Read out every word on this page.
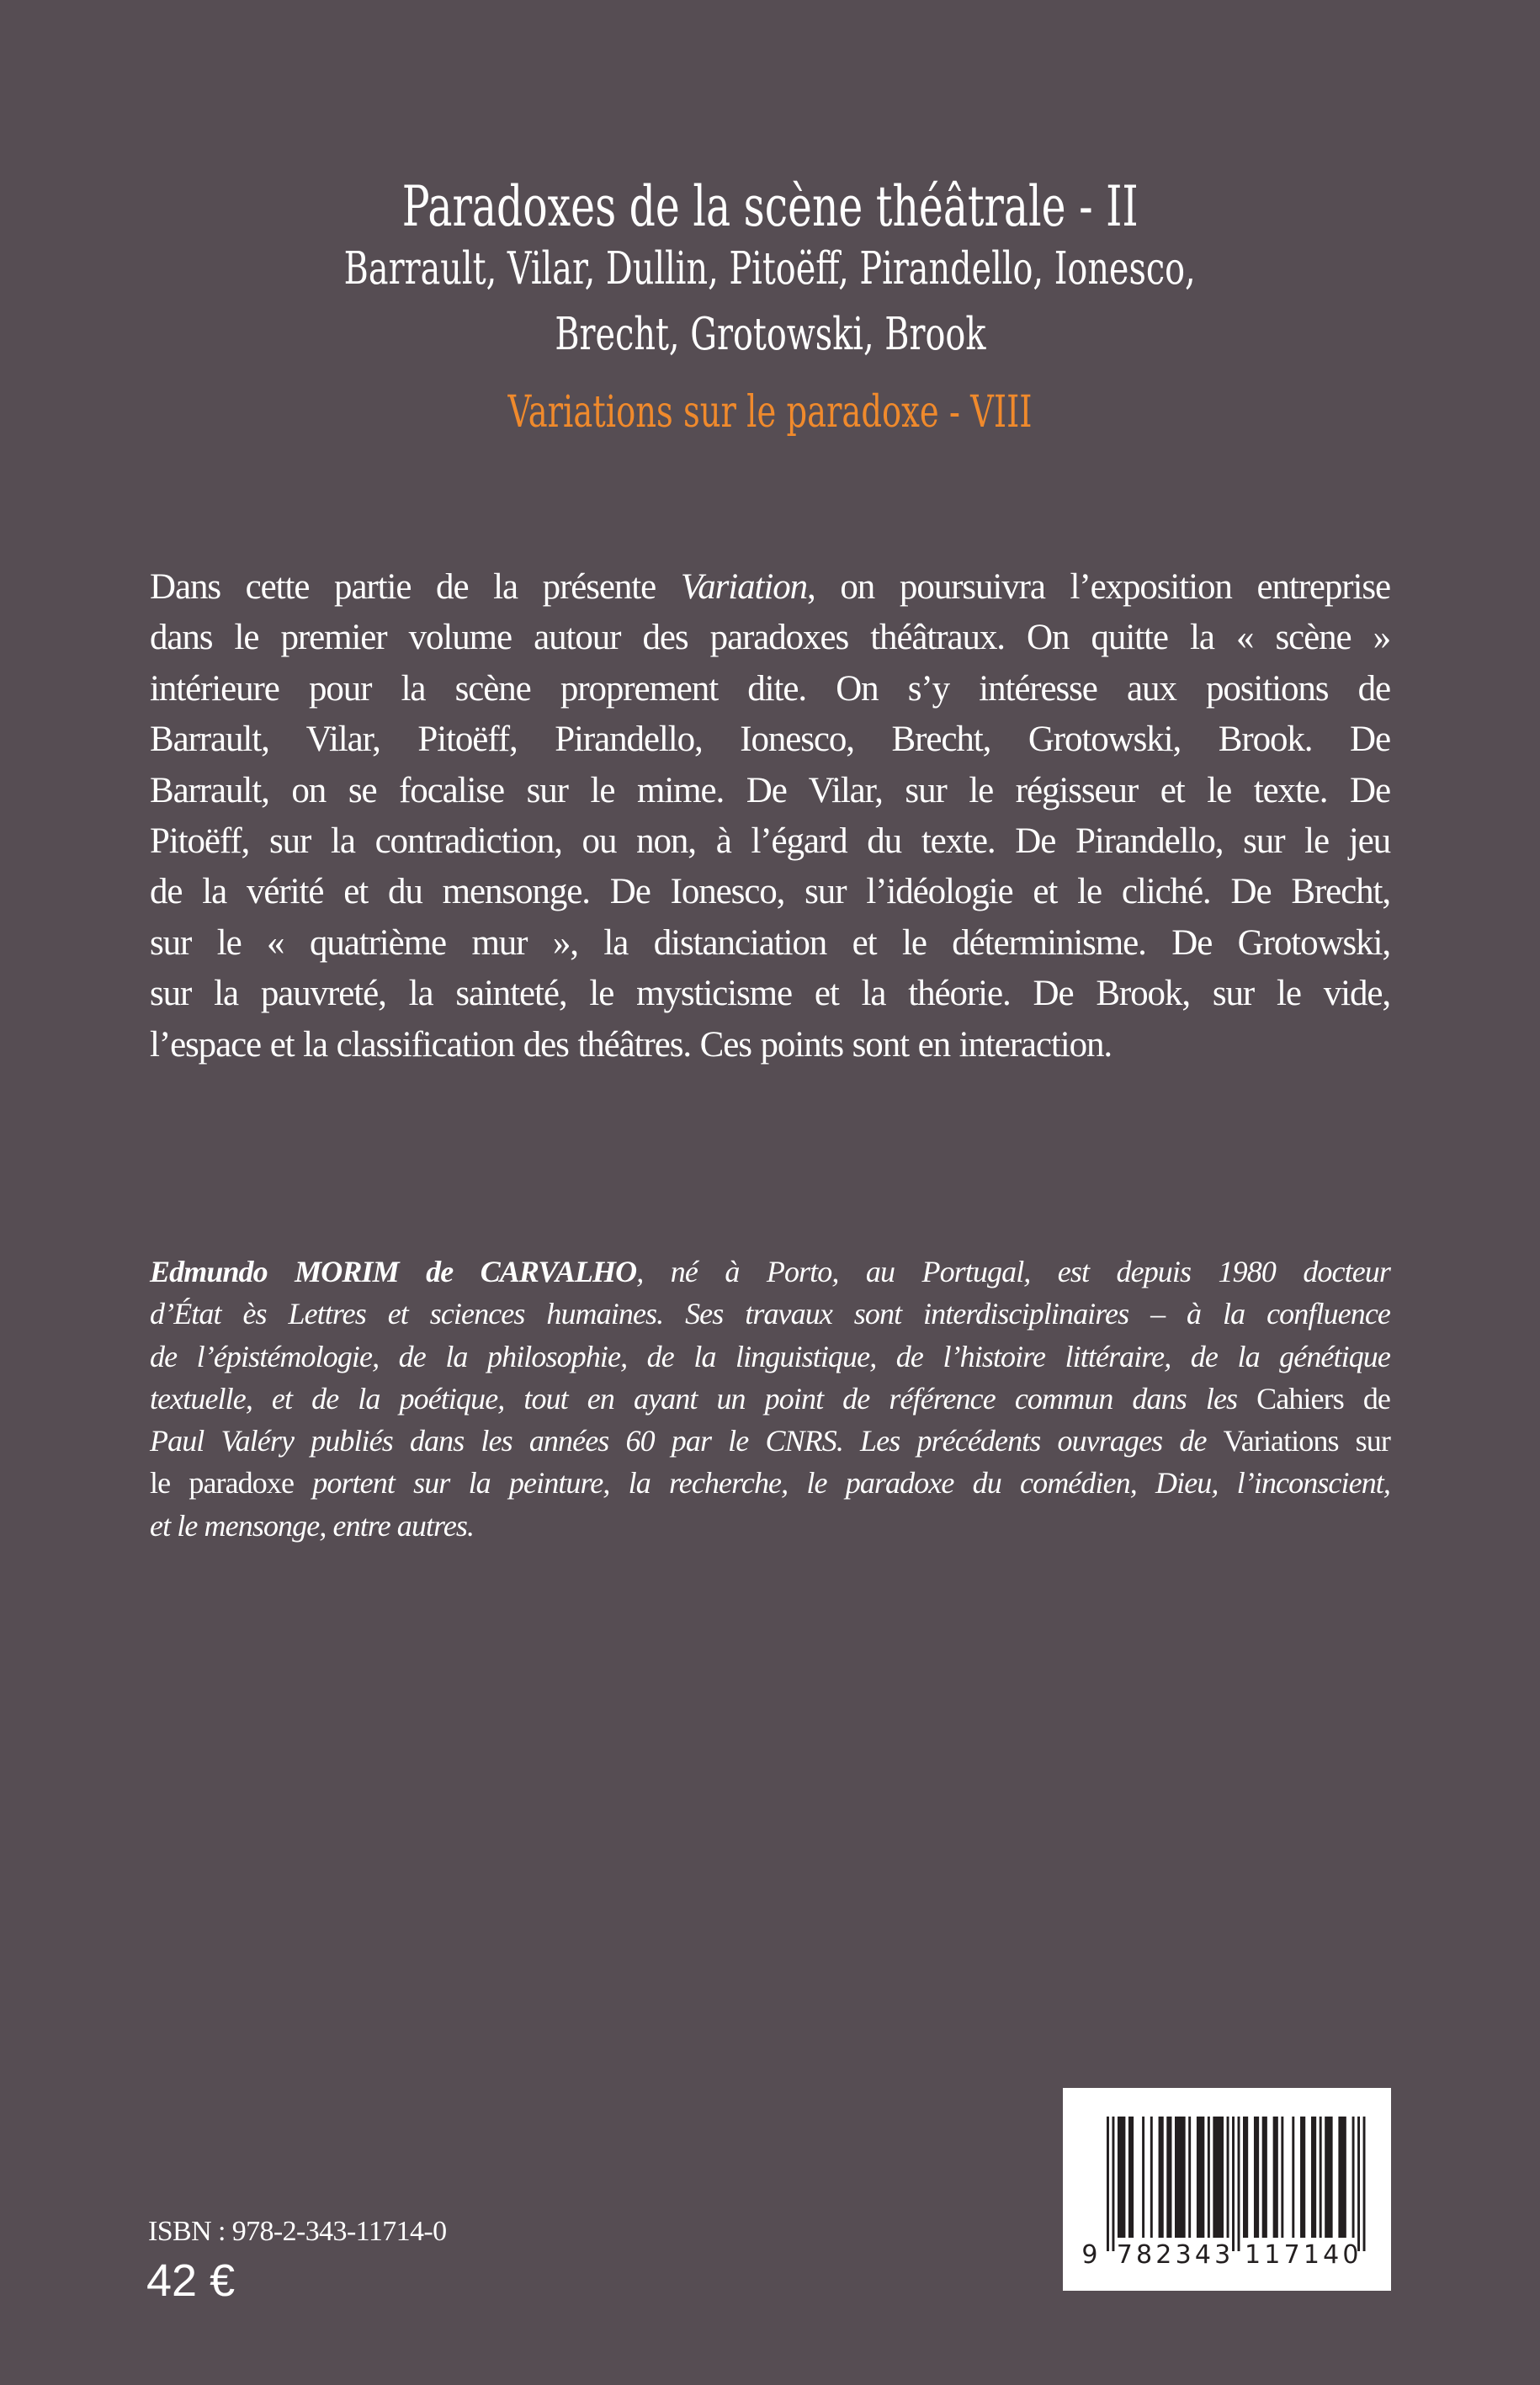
Paradoxes de la scène théâtrale - II
Barrault, Vilar, Dullin, Pitoëff, Pirandello, Ionesco,
Brecht, Grotowski, Brook
Variations sur le paradoxe - VIII
Dans cette partie de la présente Variation, on poursuivra l’exposition entreprise
dans le premier volume autour des paradoxes théâtraux. On quitte la « scène »
intérieure pour la scène proprement dite. On s’y intéresse aux positions de
Barrault, Vilar, Pitoëff, Pirandello, Ionesco, Brecht, Grotowski, Brook. De
Barrault, on se focalise sur le mime. De Vilar, sur le régisseur et le texte. De
Pitoëff, sur la contradiction, ou non, à l’égard du texte. De Pirandello, sur le jeu
de la vérité et du mensonge. De Ionesco, sur l’idéologie et le cliché. De Brecht,
sur le « quatrième mur », la distanciation et le déterminisme. De Grotowski,
sur la pauvreté, la sainteté, le mysticisme et la théorie. De Brook, sur le vide,
l’espace et la classification des théâtres. Ces points sont en interaction.
Edmundo MORIM de CARVALHO, né à Porto, au Portugal, est depuis 1980 docteur
d’État ès Lettres et sciences humaines. Ses travaux sont interdisciplinaires – à la confluence
de l’épistémologie, de la philosophie, de la linguistique, de l’histoire littéraire, de la génétique
textuelle, et de la poétique, tout en ayant un point de référence commun dans les Cahiers de
Paul Valéry publiés dans les années 60 par le CNRS. Les précédents ouvrages de Variations sur
le paradoxe portent sur la peinture, la recherche, le paradoxe du comédien, Dieu, l’inconscient,
et le mensonge, entre autres.
ISBN : 978-2-343-11714-0
42 €
9 782343 117140
